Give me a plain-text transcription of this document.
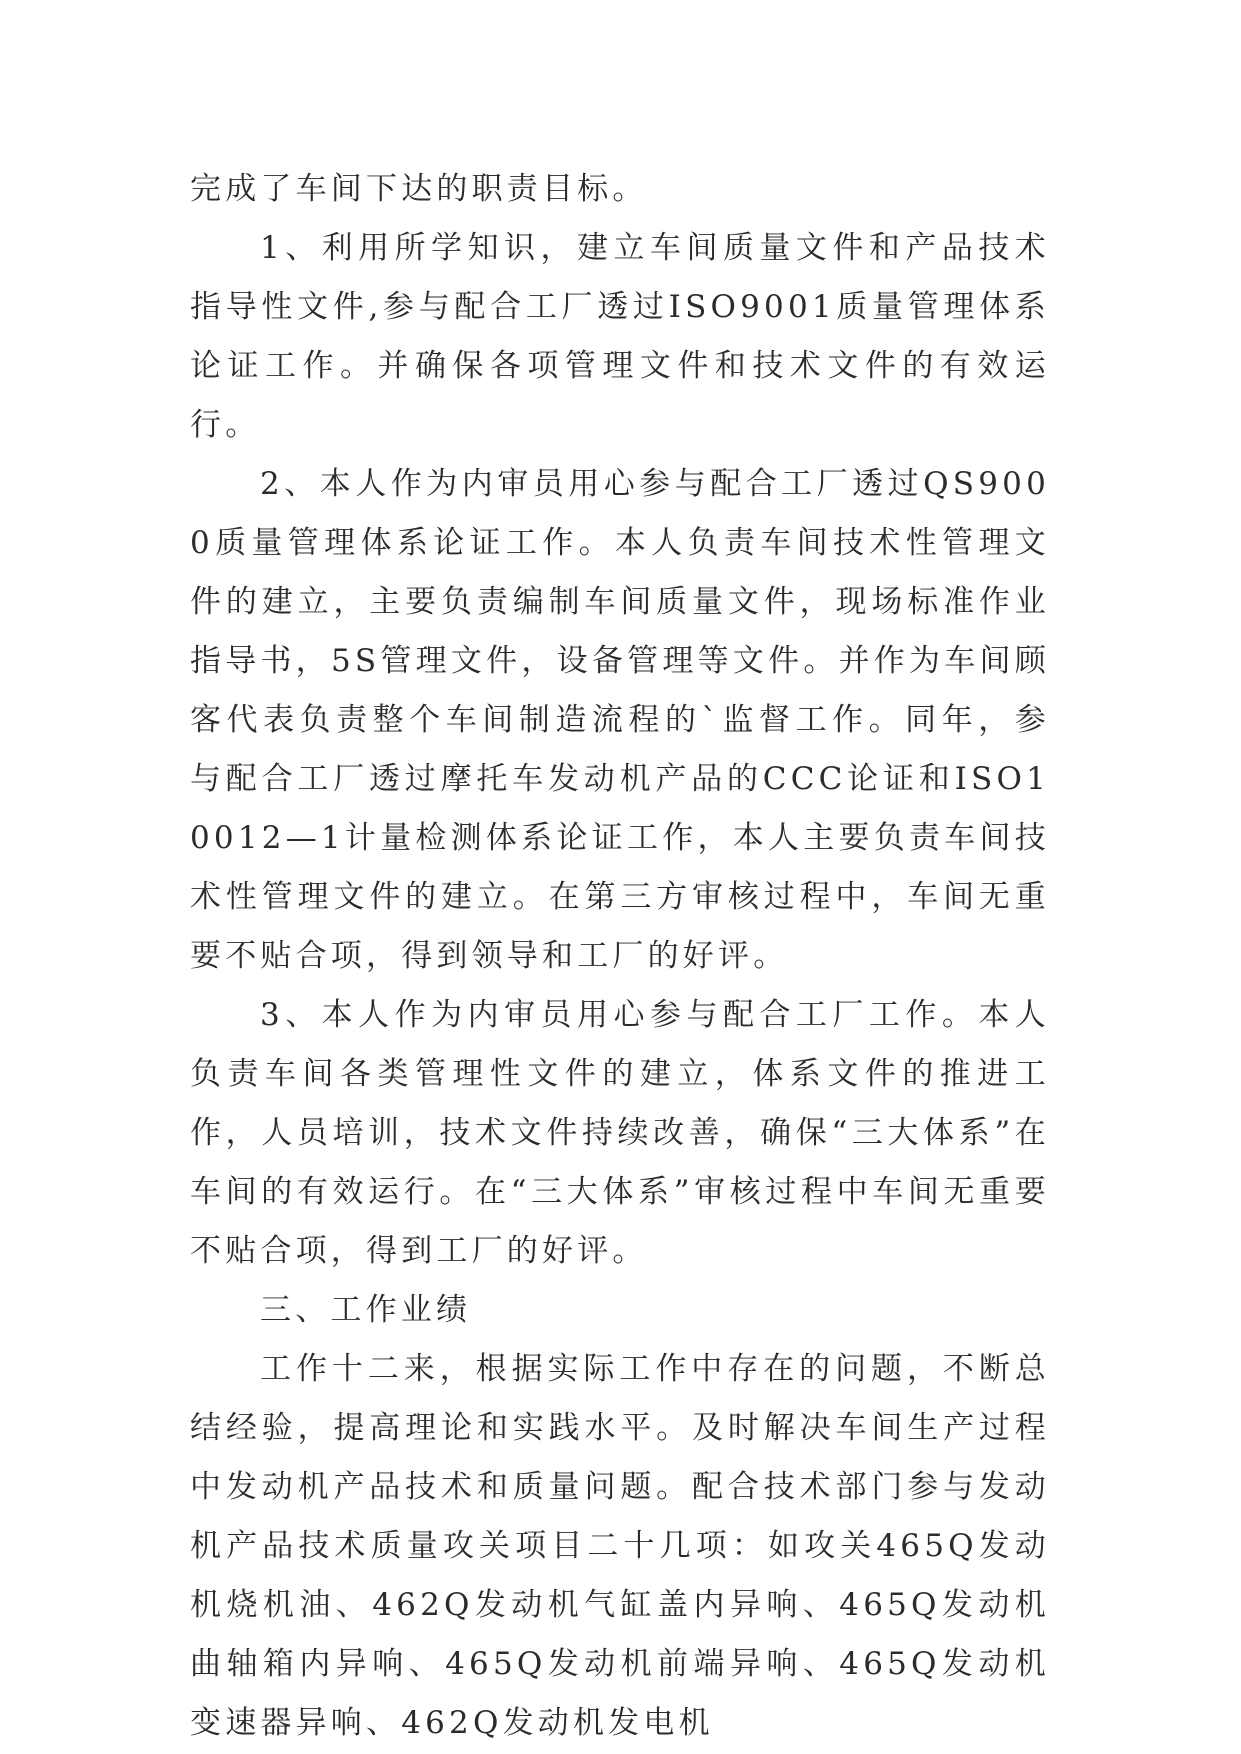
完成了车间下达的职责目标。

1、利用所学知识，建立车间质量文件和产品技术指导性文件,参与配合工厂透过ISO9001质量管理体系论证工作。并确保各项管理文件和技术文件的有效运行。

2、本人作为内审员用心参与配合工厂透过QS9000质量管理体系论证工作。本人负责车间技术性管理文件的建立，主要负责编制车间质量文件，现场标准作业指导书，5S管理文件，设备管理等文件。并作为车间顾客代表负责整个车间制造流程的`监督工作。同年，参与配合工厂透过摩托车发动机产品的CCC论证和ISO10012—1计量检测体系论证工作，本人主要负责车间技术性管理文件的建立。在第三方审核过程中，车间无重要不贴合项，得到领导和工厂的好评。

3、本人作为内审员用心参与配合工厂工作。本人负责车间各类管理性文件的建立，体系文件的推进工作，人员培训，技术文件持续改善，确保“三大体系”在车间的有效运行。在“三大体系”审核过程中车间无重要不贴合项，得到工厂的好评。

三、工作业绩

工作十二来，根据实际工作中存在的问题，不断总结经验，提高理论和实践水平。及时解决车间生产过程中发动机产品技术和质量问题。配合技术部门参与发动机产品技术质量攻关项目二十几项：如攻关465Q发动机烧机油、462Q发动机气缸盖内异响、465Q发动机曲轴箱内异响、465Q发动机前端异响、465Q发动机变速器异响、462Q发动机发电机
